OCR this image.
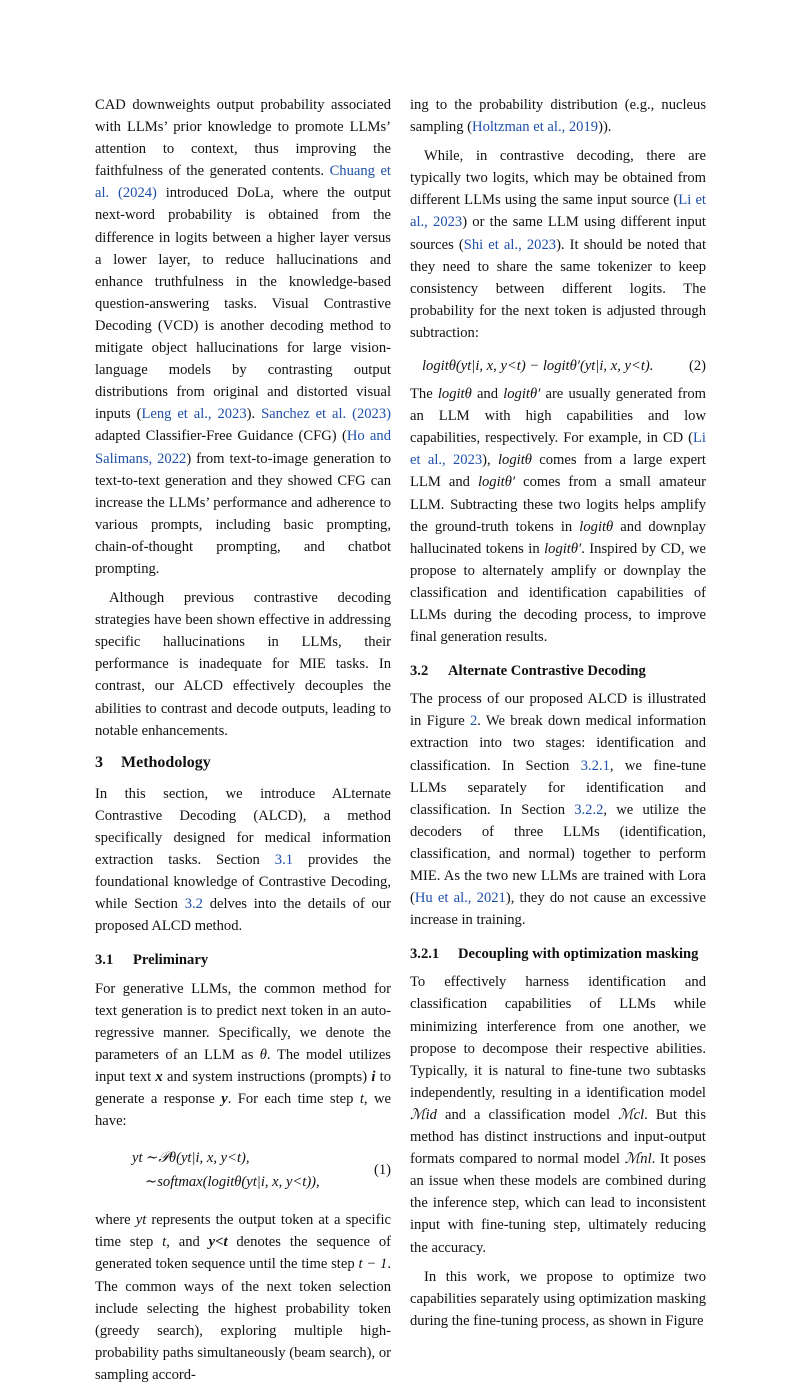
CAD downweights output probability associated with LLMs’ prior knowledge to promote LLMs’ attention to context, thus improving the faithfulness of the generated contents. Chuang et al. (2024) introduced DoLa, where the output next-word probability is obtained from the difference in logits between a higher layer versus a lower layer, to reduce hallucinations and enhance truthfulness in the knowledge-based question-answering tasks. Visual Contrastive Decoding (VCD) is another decoding method to mitigate object hallucinations for large vision-language models by contrasting output distributions from original and distorted visual inputs (Leng et al., 2023). Sanchez et al. (2023) adapted Classifier-Free Guidance (CFG) (Ho and Salimans, 2022) from text-to-image generation to text-to-text generation and they showed CFG can increase the LLMs’ performance and adherence to various prompts, including basic prompting, chain-of-thought prompting, and chatbot prompting.

Although previous contrastive decoding strategies have been shown effective in addressing specific hallucinations in LLMs, their performance is inadequate for MIE tasks. In contrast, our ALCD effectively decouples the abilities to contrast and decode outputs, leading to notable enhancements.

3 Methodology

In this section, we introduce ALternate Contrastive Decoding (ALCD), a method specifically designed for medical information extraction tasks. Section 3.1 provides the foundational knowledge of Contrastive Decoding, while Section 3.2 delves into the details of our proposed ALCD method.

3.1 Preliminary

For generative LLMs, the common method for text generation is to predict next token in an auto-regressive manner. Specifically, we denote the parameters of an LLM as θ. The model utilizes input text x and system instructions (prompts) i to generate a response y. For each time step t, we have:

yt ∼𝒫θ(yt|i, x, y<t),
∼softmax(logitθ(yt|i, x, y<t)),
(1)

where yt represents the output token at a specific time step t, and y<t denotes the sequence of generated token sequence until the time step t − 1. The common ways of the next token selection include selecting the highest probability token (greedy search), exploring multiple high-probability paths simultaneously (beam search), or sampling accord-

ing to the probability distribution (e.g., nucleus sampling (Holtzman et al., 2019)).

While, in contrastive decoding, there are typically two logits, which may be obtained from different LLMs using the same input source (Li et al., 2023) or the same LLM using different input sources (Shi et al., 2023). It should be noted that they need to share the same tokenizer to keep consistency between different logits. The probability for the next token is adjusted through subtraction:

logitθ(yt|i, x, y<t) − logitθ′(yt|i, x, y<t). (2)

The logitθ and logitθ′ are usually generated from an LLM with high capabilities and low capabilities, respectively. For example, in CD (Li et al., 2023), logitθ comes from a large expert LLM and logitθ′ comes from a small amateur LLM. Subtracting these two logits helps amplify the ground-truth tokens in logitθ and downplay hallucinated tokens in logitθ′. Inspired by CD, we propose to alternately amplify or downplay the classification and identification capabilities of LLMs during the decoding process, to improve final generation results.

3.2 Alternate Contrastive Decoding

The process of our proposed ALCD is illustrated in Figure 2. We break down medical information extraction into two stages: identification and classification. In Section 3.2.1, we fine-tune LLMs separately for identification and classification. In Section 3.2.2, we utilize the decoders of three LLMs (identification, classification, and normal) together to perform MIE. As the two new LLMs are trained with Lora (Hu et al., 2021), they do not cause an excessive increase in training.

3.2.1 Decoupling with optimization masking

To effectively harness identification and classification capabilities of LLMs while minimizing interference from one another, we propose to decompose their respective abilities. Typically, it is natural to fine-tune two subtasks independently, resulting in a identification model ℳid and a classification model ℳcl. But this method has distinct instructions and input-output formats compared to normal model ℳnl. It poses an issue when these models are combined during the inference step, which can lead to inconsistent input with fine-tuning step, ultimately reducing the accuracy.

In this work, we propose to optimize two capabilities separately using optimization masking during the fine-tuning process, as shown in Figure
